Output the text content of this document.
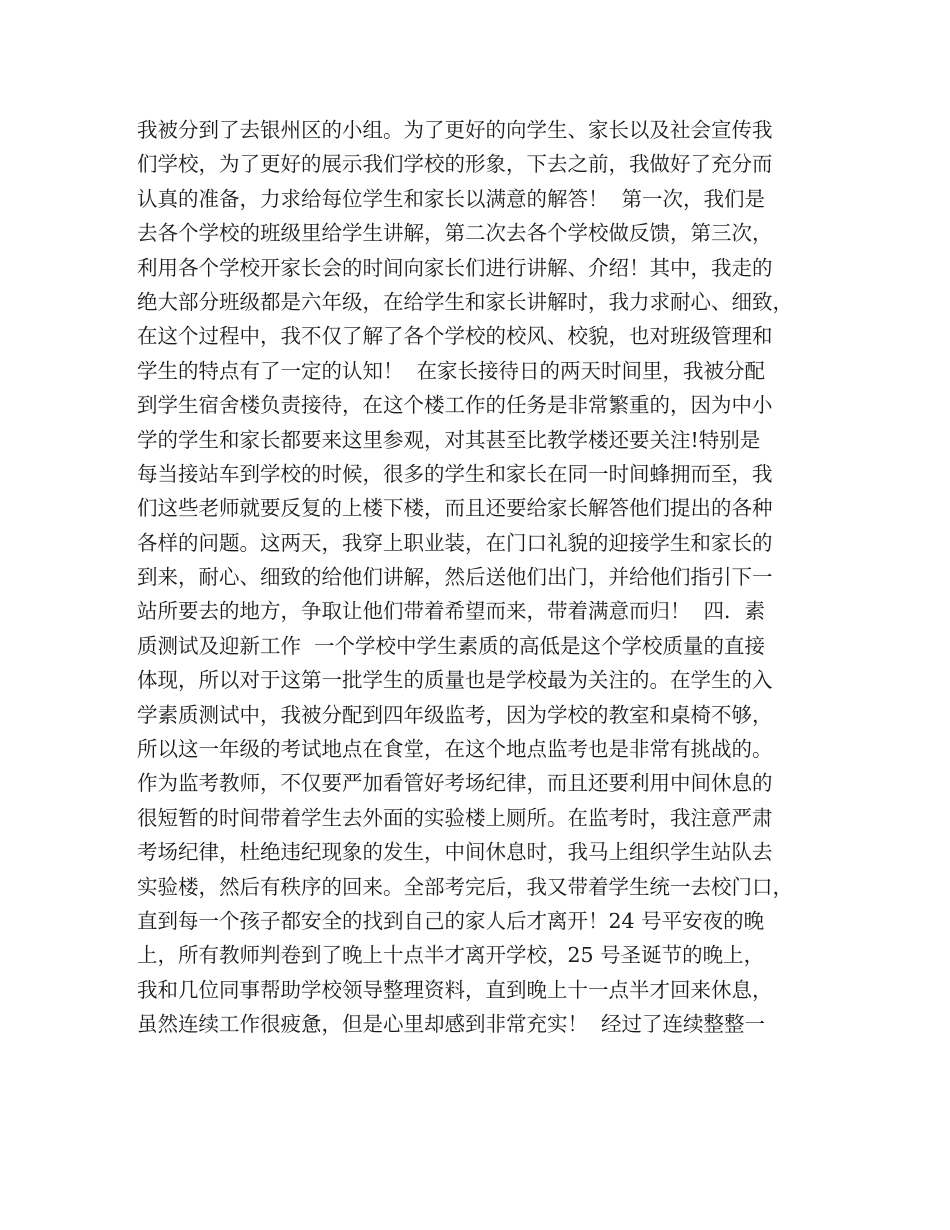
我被分到了去银州区的小组。为了更好的向学生、家长以及社会宣传我
们学校，为了更好的展示我们学校的形象，下去之前，我做好了充分而
认真的准备，力求给每位学生和家长以满意的解答！  第一次，我们是
去各个学校的班级里给学生讲解，第二次去各个学校做反馈，第三次，
利用各个学校开家长会的时间向家长们进行讲解、介绍！其中，我走的
绝大部分班级都是六年级，在给学生和家长讲解时，我力求耐心、细致，
在这个过程中，我不仅了解了各个学校的校风、校貌，也对班级管理和
学生的特点有了一定的认知！  在家长接待日的两天时间里，我被分配
到学生宿舍楼负责接待，在这个楼工作的任务是非常繁重的，因为中小
学的学生和家长都要来这里参观，对其甚至比教学楼还要关注!特别是
每当接站车到学校的时候，很多的学生和家长在同一时间蜂拥而至，我
们这些老师就要反复的上楼下楼，而且还要给家长解答他们提出的各种
各样的问题。这两天，我穿上职业装，在门口礼貌的迎接学生和家长的
到来，耐心、细致的给他们讲解，然后送他们出门，并给他们指引下一
站所要去的地方，争取让他们带着希望而来，带着满意而归！  四．素
质测试及迎新工作  一个学校中学生素质的高低是这个学校质量的直接
体现，所以对于这第一批学生的质量也是学校最为关注的。在学生的入
学素质测试中，我被分配到四年级监考，因为学校的教室和桌椅不够，
所以这一年级的考试地点在食堂，在这个地点监考也是非常有挑战的。
作为监考教师，不仅要严加看管好考场纪律，而且还要利用中间休息的
很短暂的时间带着学生去外面的实验楼上厕所。在监考时，我注意严肃
考场纪律，杜绝违纪现象的发生，中间休息时，我马上组织学生站队去
实验楼，然后有秩序的回来。全部考完后，我又带着学生统一去校门口，
直到每一个孩子都安全的找到自己的家人后才离开！24 号平安夜的晚
上，所有教师判卷到了晚上十点半才离开学校，25 号圣诞节的晚上，
我和几位同事帮助学校领导整理资料，直到晚上十一点半才回来休息，
虽然连续工作很疲惫，但是心里却感到非常充实！  经过了连续整整一
